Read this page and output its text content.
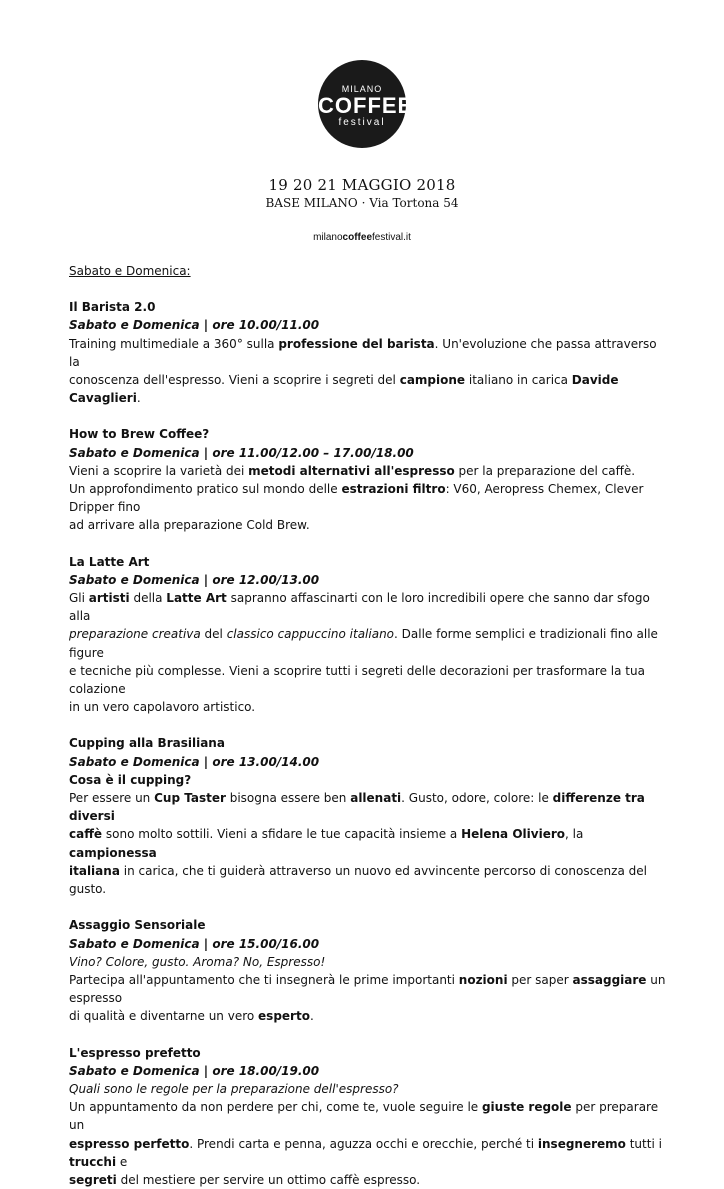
MILANO
COFFEE
festival
19 20 21 MAGGIO 2018
BASE MILANO · Via Tortona 54
milanocoffeefestival.it

Sabato e Domenica:

Il Barista 2.0

Sabato e Domenica | ore 10.00/11.00

Training multimediale a 360° sulla professione del barista. Un'evoluzione che passa attraverso la

conoscenza dell'espresso. Vieni a scoprire i segreti del campione italiano in carica Davide Cavaglieri.

How to Brew Coffee?

Sabato e Domenica | ore 11.00/12.00 – 17.00/18.00

Vieni a scoprire la varietà dei metodi alternativi all'espresso per la preparazione del caffè.

Un approfondimento pratico sul mondo delle estrazioni filtro: V60, Aeropress Chemex, Clever Dripper fino

ad arrivare alla preparazione Cold Brew.

La Latte Art

Sabato e Domenica | ore 12.00/13.00

Gli artisti della Latte Art sapranno affascinarti con le loro incredibili opere che sanno dar sfogo alla

preparazione creativa del classico cappuccino italiano. Dalle forme semplici e tradizionali fino alle figure

e tecniche più complesse. Vieni a scoprire tutti i segreti delle decorazioni per trasformare la tua colazione

in un vero capolavoro artistico.

Cupping alla Brasiliana

Sabato e Domenica | ore 13.00/14.00

Cosa è il cupping?

Per essere un Cup Taster bisogna essere ben allenati. Gusto, odore, colore: le differenze tra diversi

caffè sono molto sottili. Vieni a sfidare le tue capacità insieme a Helena Oliviero, la campionessa

italiana in carica, che ti guiderà attraverso un nuovo ed avvincente percorso di conoscenza del gusto.

Assaggio Sensoriale

Sabato e Domenica | ore 15.00/16.00

Vino? Colore, gusto. Aroma? No, Espresso!

Partecipa all'appuntamento che ti insegnerà le prime importanti nozioni per saper assaggiare un espresso

di qualità e diventarne un vero esperto.

L'espresso prefetto

Sabato e Domenica | ore 18.00/19.00

Quali sono le regole per la preparazione dell'espresso?

Un appuntamento da non perdere per chi, come te, vuole seguire le giuste regole per preparare un

espresso perfetto. Prendi carta e penna, aguzza occhi e orecchie, perché ti insegneremo tutti i trucchi e

segreti del mestiere per servire un ottimo caffè espresso.
